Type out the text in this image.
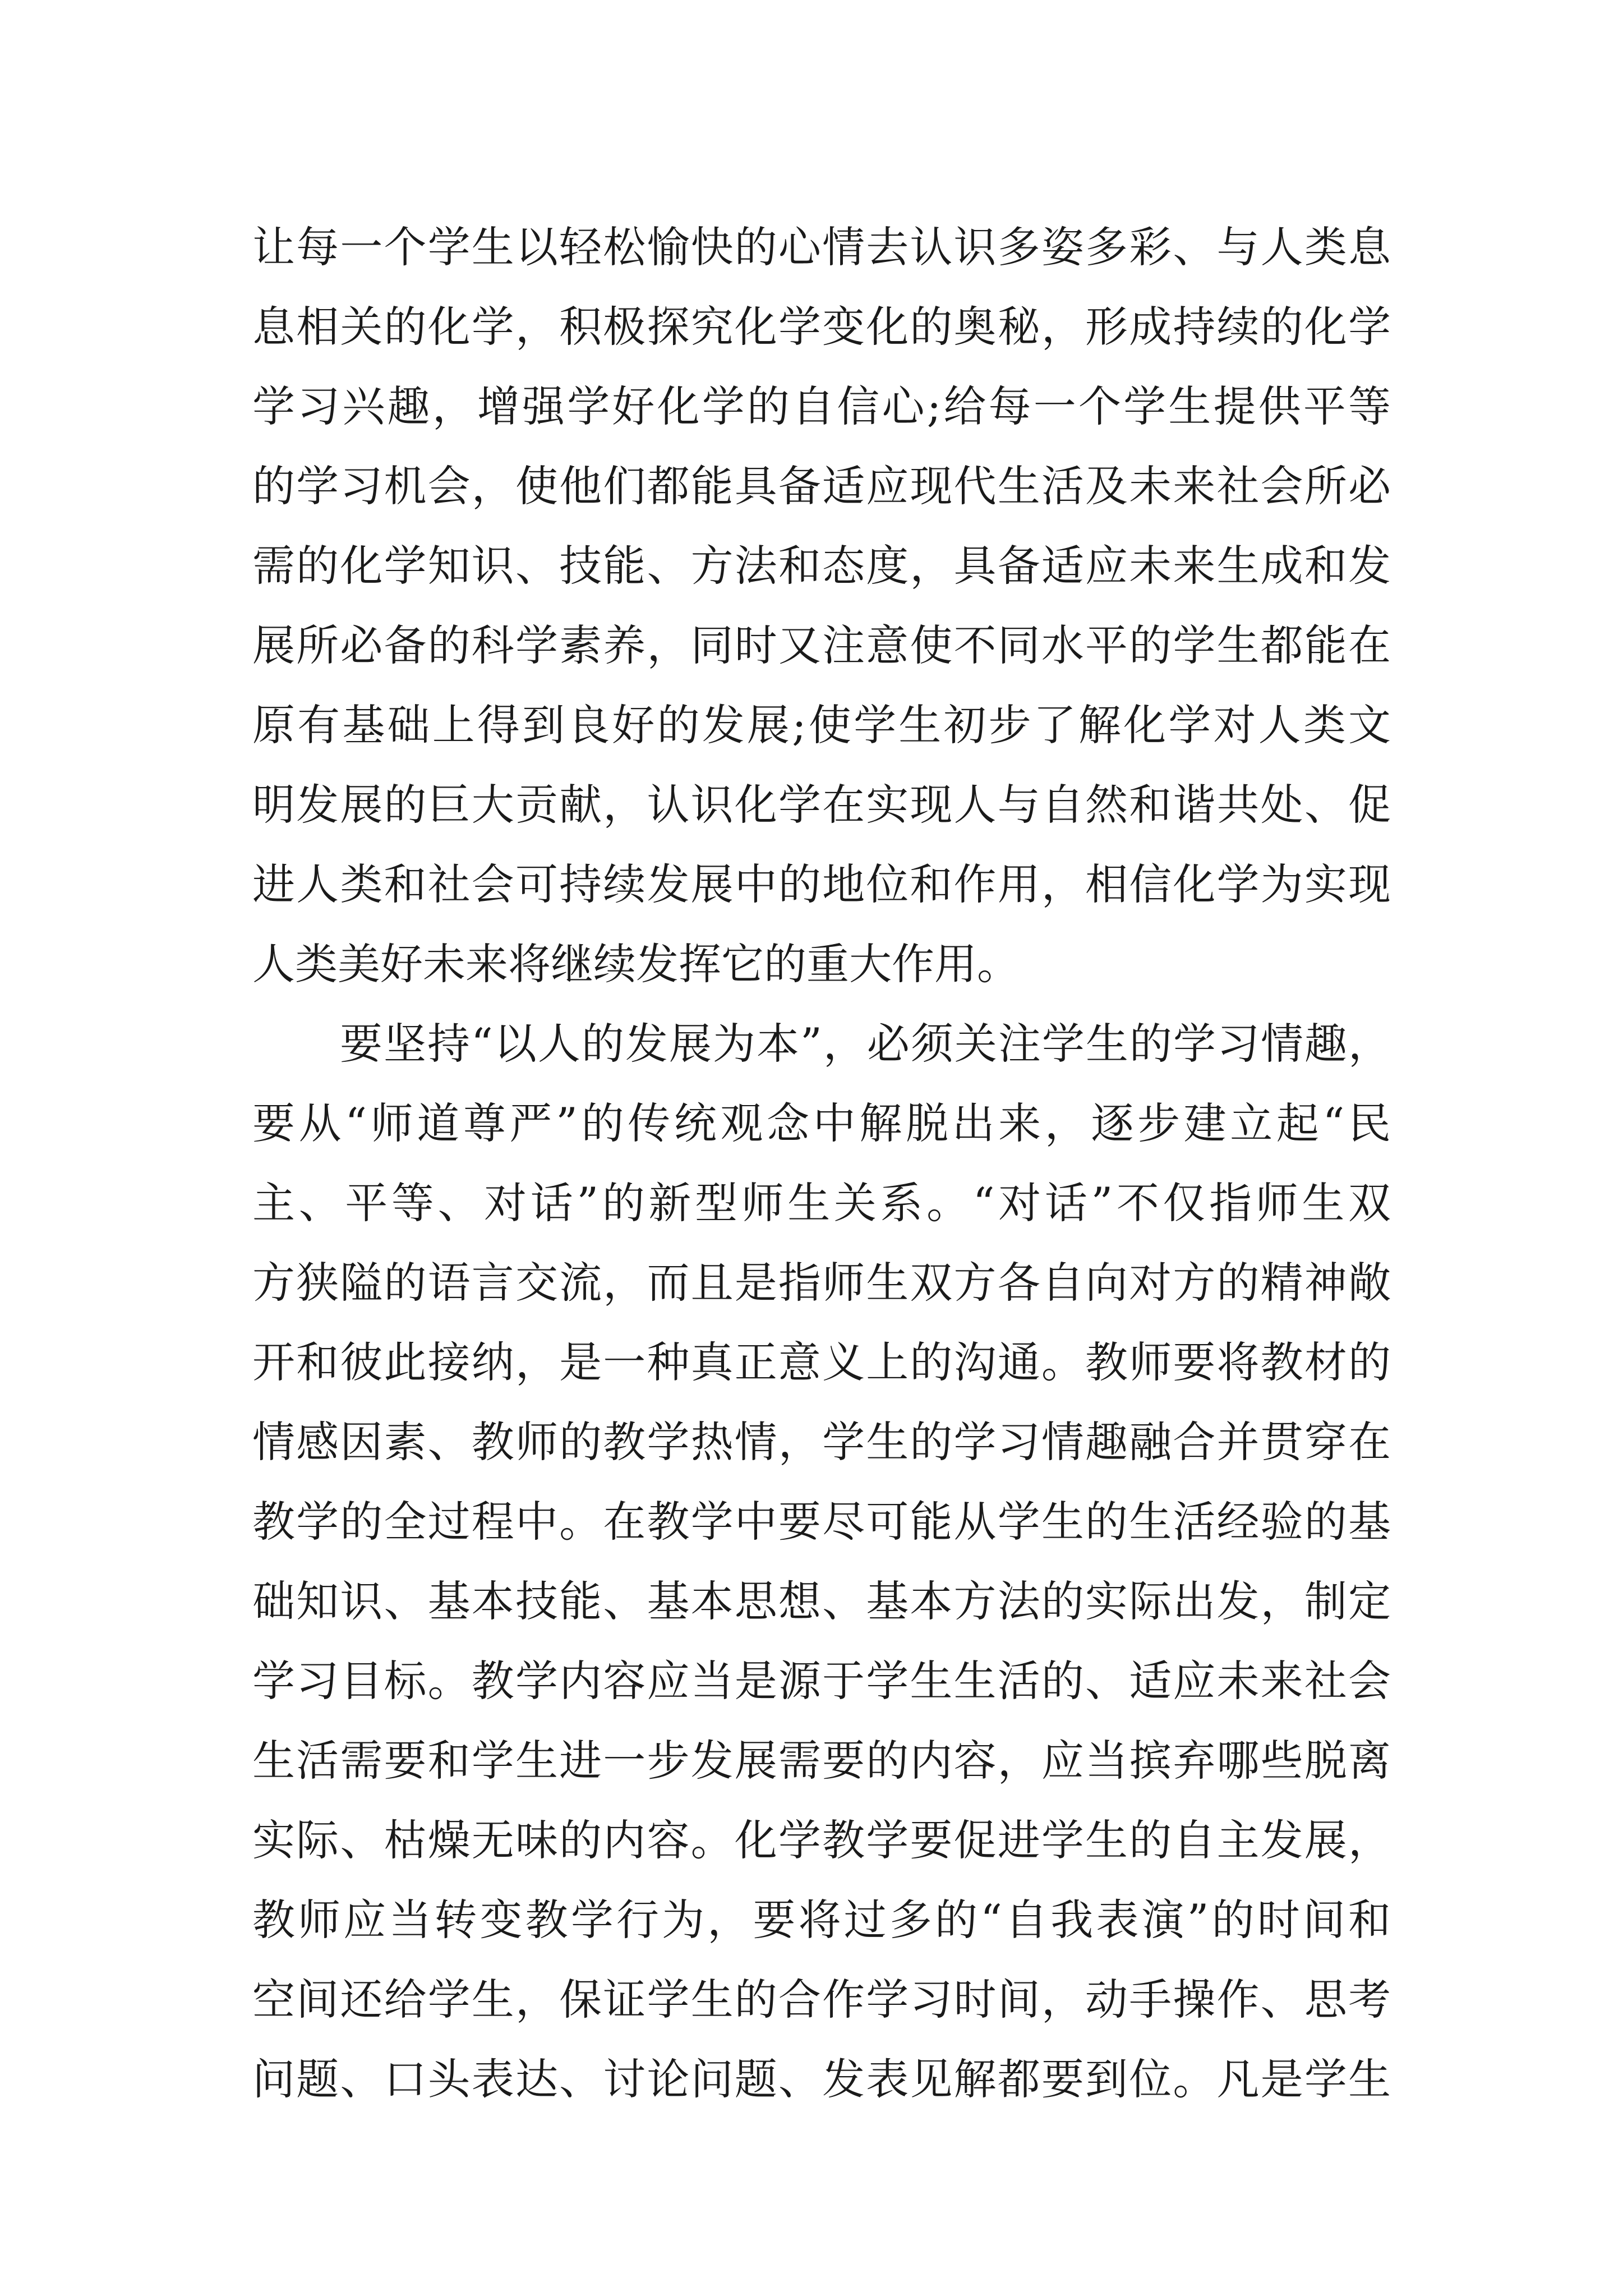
让每一个学生以轻松愉快的心情去认识多姿多彩、与人类息
息相关的化学，积极探究化学变化的奥秘，形成持续的化学
学习兴趣，增强学好化学的自信心;给每一个学生提供平等
的学习机会，使他们都能具备适应现代生活及未来社会所必
需的化学知识、技能、方法和态度，具备适应未来生成和发
展所必备的科学素养，同时又注意使不同水平的学生都能在
原有基础上得到良好的发展;使学生初步了解化学对人类文
明发展的巨大贡献，认识化学在实现人与自然和谐共处、促
进人类和社会可持续发展中的地位和作用，相信化学为实现
人类美好未来将继续发挥它的重大作用。
要坚持“以人的发展为本”，必须关注学生的学习情趣，
要从“师道尊严”的传统观念中解脱出来，逐步建立起“民
主、平等、对话”的新型师生关系。“对话”不仅指师生双
方狭隘的语言交流，而且是指师生双方各自向对方的精神敞
开和彼此接纳，是一种真正意义上的沟通。教师要将教材的
情感因素、教师的教学热情，学生的学习情趣融合并贯穿在
教学的全过程中。在教学中要尽可能从学生的生活经验的基
础知识、基本技能、基本思想、基本方法的实际出发，制定
学习目标。教学内容应当是源于学生生活的、适应未来社会
生活需要和学生进一步发展需要的内容，应当摈弃哪些脱离
实际、枯燥无味的内容。化学教学要促进学生的自主发展，
教师应当转变教学行为，要将过多的“自我表演”的时间和
空间还给学生，保证学生的合作学习时间，动手操作、思考
问题、口头表达、讨论问题、发表见解都要到位。凡是学生
